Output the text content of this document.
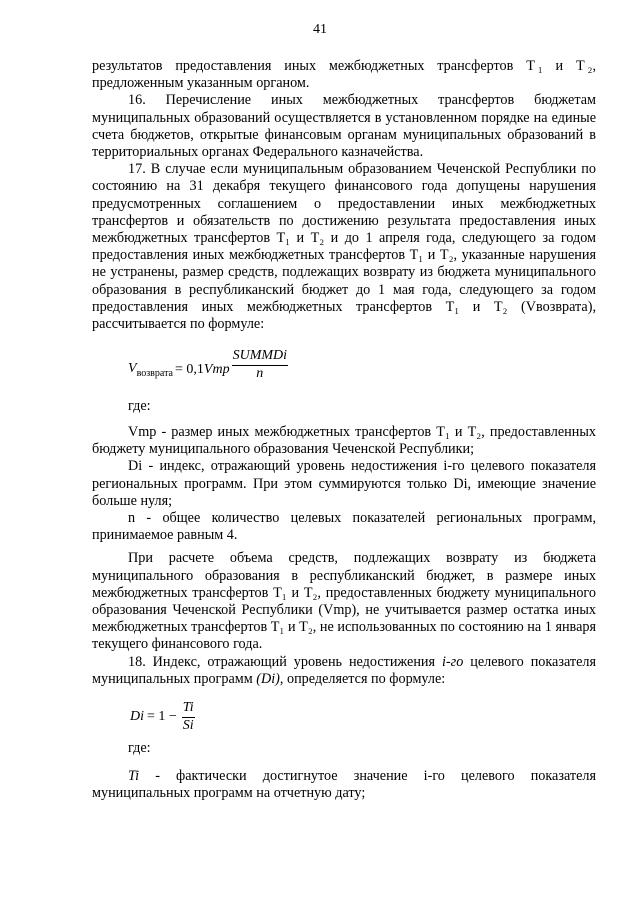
41

результатов предоставления иных межбюджетных трансфертов Т ₁ и Т ₂, предложенным указанным органом.

16. Перечисление иных межбюджетных трансфертов бюджетам муниципальных образований осуществляется в установленном порядке на единые счета бюджетов, открытые финансовым органам муниципальных образований в территориальных органах Федерального казначейства.

17. В случае если муниципальным образованием Чеченской Республики по состоянию на 31 декабря текущего финансового года допущены нарушения предусмотренных соглашением о предоставлении иных межбюджетных трансфертов и обязательств по достижению результата предоставления иных межбюджетных трансфертов Т₁ и Т₂ и до 1 апреля года, следующего за годом предоставления иных межбюджетных трансфертов Т₁ и Т₂, указанные нарушения не устранены, размер средств, подлежащих возврату из бюджета муниципального образования в республиканский бюджет до 1 мая года, следующего за годом предоставления иных межбюджетных трансфертов Т₁ и Т₂ (Vвозврата), рассчитывается по формуле:

$V_{возврата} = 0,1$ Vmp $\frac{\text{SUMMDi}}{n}$
где:

Vmp - размер иных межбюджетных трансфертов Т₁ и Т₂, предоставленных бюджету муниципального образования Чеченской Республики;

Di - индекс, отражающий уровень недостижения i-го целевого показателя региональных программ. При этом суммируются только Di, имеющие значение больше нуля;

n - общее количество целевых показателей региональных программ, принимаемое равным 4.

При расчете объема средств, подлежащих возврату из бюджета муниципального образования в республиканский бюджет, в размере иных межбюджетных трансфертов Т₁ и Т₂, предоставленных бюджету муниципального образования Чеченской Республики (Vmp), не учитывается размер остатка иных межбюджетных трансфертов Т₁ и Т₂, не использованных по состоянию на 1 января текущего финансового года.

18. Индекс, отражающий уровень недостижения i-го целевого показателя муниципальных программ (Di), определяется по формуле:

$Di = 1 - \frac{Ti}{Si}$
где:

Ti - фактически достигнутое значение i-го целевого показателя муниципальных программ на отчетную дату;
